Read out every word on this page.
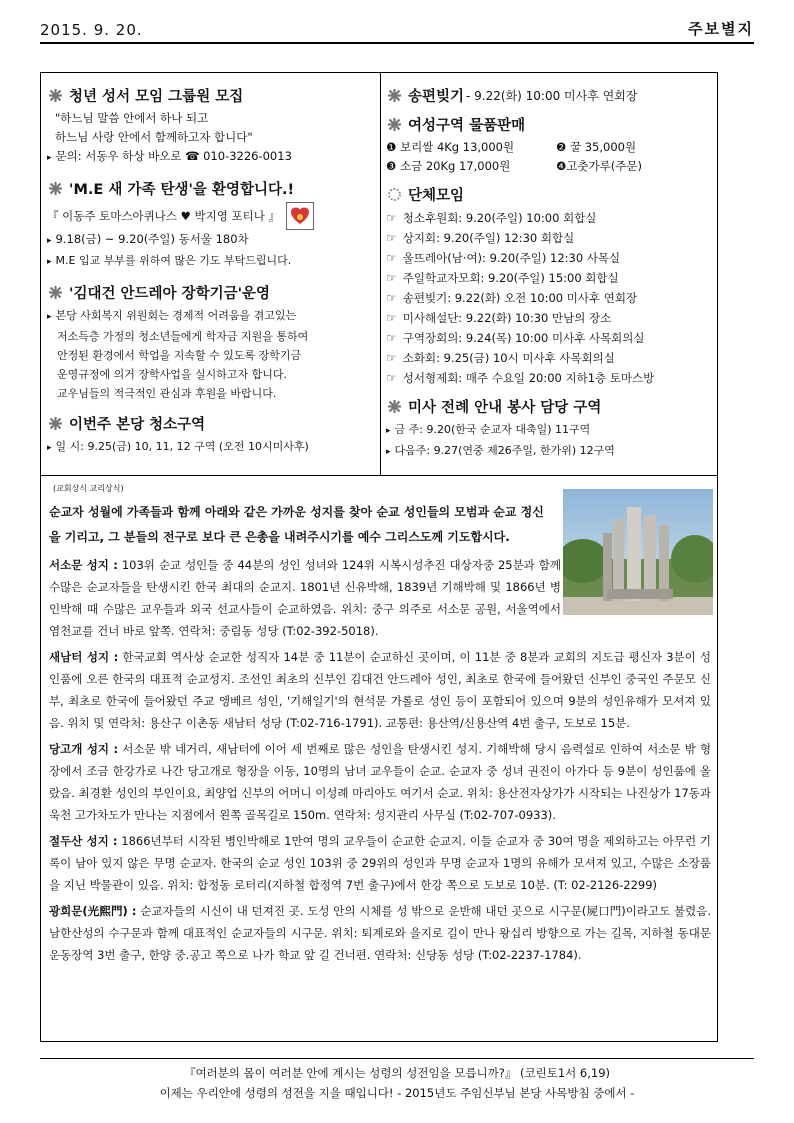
2015. 9. 20.	주보별지
청년 성서 모임 그룹원 모집
"하느님 말씀 안에서 하나 되고
하느님 사랑 안에서 함께하고자 합니다"
▸ 문의: 서동우 하상 바오로 ☎ 010-3226-0013
'M.E 새 가족 탄생'을 환영합니다.!
『 이동주 토마스아퀴나스 ♥ 박지영 포티나 』
▸ 9.18(금) ~ 9.20(주일) 동서울 180차
▸ M.E 입교 부부를 위하여 많은 기도 부탁드립니다.
'김대건 안드레아 장학기금'운영
▸ 본당 사회복지 위원회는 경제적 어려움을 겪고있는
저소득층 가정의 청소년들에게 학자금 지원을 통하여
안정된 환경에서 학업을 지속할 수 있도록 장학기금
운영규정에 의거 장학사업을 실시하고자 합니다.
교우님들의 적극적인 관심과 후원을 바랍니다.
이번주 본당 청소구역
▸ 일 시: 9.25(금) 10, 11, 12 구역 (오전 10시미사후)
송편빚기 - 9.22(화) 10:00 미사후 연회장
여성구역 물품판매
❶ 보리쌀 4Kg 13,000원	❷ 꿀 35,000원
❸ 소금 20Kg 17,000원	❹고춧가루(주문)
단체모임
☞ 청소후원회: 9.20(주일) 10:00 회합실
☞ 상지회: 9.20(주일) 12:30 회합실
☞ 울뜨레아(남·여): 9.20(주일) 12:30 사목실
☞ 주일학교자모회: 9.20(주일) 15:00 회합실
☞ 송편빚기: 9.22(화) 오전 10:00 미사후 연회장
☞ 미사해설단: 9.22(화) 10:30 만남의 장소
☞ 구역장회의: 9.24(목) 10:00 미사후 사목회의실
☞ 소화회: 9.25(금) 10시 미사후 사목회의실
☞ 성서형제회: 매주 수요일 20:00 지하1층 토마스방
미사 전례 안내 봉사 담당 구역
▸ 금 주: 9.20(한국 순교자 대축일) 11구역
▸ 다음주: 9.27(연중 제26주일, 한가위) 12구역
(교회상식 교리상식)
순교자 성월에 가족들과 함께 아래와 같은 가까운 성지를 찾아 순교 성인들의 모범과 순교 정신을 기리고, 그 분들의 전구로 보다 큰 은총을 내려주시기를 예수 그리스도께 기도합시다.
서소문 성지 : 103위 순교 성인들 중 44분의 성인 성녀와 124위 시복시성추진 대상자중 25분과 함께 수많은 순교자들을 탄생시킨 한국 최대의 순교지. 1801년 신유박해, 1839년 기해박해 및 1866년 병인박해 때 수많은 교우들과 외국 선교사들이 순교하였음. 위치: 중구 의주로 서소문 공원, 서울역에서 염천교를 건너 바로 앞쪽. 연락처: 중림동 성당 (T:02-392-5018).
새남터 성지 : 한국교회 역사상 순교한 성직자 14분 중 11분이 순교하신 곳이며, 이 11분 중 8분과 교회의 지도급 평신자 3분이 성인품에 오른 한국의 대표적 순교성지. 조선인 최초의 신부인 김대건 안드레아 성인, 최초로 한국에 들어왔던 신부인 중국인 주문모 신부, 최초로 한국에 들어왔던 주교 앵베르 성인, '기해일기'의 현석문 가롤로 성인 등이 포함되어 있으며 9분의 성인유해가 모셔져 있음. 위치 및 연락처: 용산구 이촌동 새남터 성당 (T:02-716-1791). 교통편: 용산역/신용산역 4번 출구, 도보로 15분.
당고개 성지 : 서소문 밖 네거리, 새남터에 이어 세 번째로 많은 성인을 탄생시킨 성지. 기해박해 당시 음력설로 인하여 서소문 밖 형장에서 조금 한강가로 나간 당고개로 형장을 이동, 10명의 남녀 교우들이 순교. 순교자 중 성녀 권진이 아가다 등 9분이 성인품에 올랐음. 최경환 성인의 부인이요, 최양업 신부의 어머니 이성례 마리아도 여기서 순교. 위치: 용산전자상가가 시작되는 나진상가 17동과 욱천 고가차도가 만나는 지점에서 왼쪽 골목길로 150m. 연락처: 성지관리 사무실 (T:02-707-0933).
절두산 성지 : 1866년부터 시작된 병인박해로 1만여 명의 교우들이 순교한 순교지. 이들 순교자 중 30여 명을 제외하고는 아무런 기록이 남아 있지 않은 무명 순교자. 한국의 순교 성인 103위 중 29위의 성인과 무명 순교자 1명의 유해가 모셔져 있고, 수많은 소장품을 지닌 박물관이 있음. 위치: 합정동 로터리(지하철 합정역 7번 출구)에서 한강 쪽으로 도보로 10분. (T: 02-2126-2299)
광희문(光熙門) : 순교자들의 시신이 내 던져진 곳. 도성 안의 시체를 성 밖으로 운반해 내던 곳으로 시구문(屍口門)이라고도 불렸음. 남한산성의 수구문과 함께 대표적인 순교자들의 시구문. 위치: 퇴계로와 을지로 길이 만나 왕십리 방향으로 가는 길목, 지하철 동대문운동장역 3번 출구, 한양 중.공고 쪽으로 나가 학교 앞 길 건너편. 연락처: 신당동 성당 (T:02-2237-1784).
『여러분의 몸이 여러분 안에 계시는 성령의 성전임을 모릅니까?』 (코린토1서 6,19)
이제는 우리안에 성령의 성전을 지을 때입니다! - 2015년도 주임신부님 본당 사목방침 중에서 -
